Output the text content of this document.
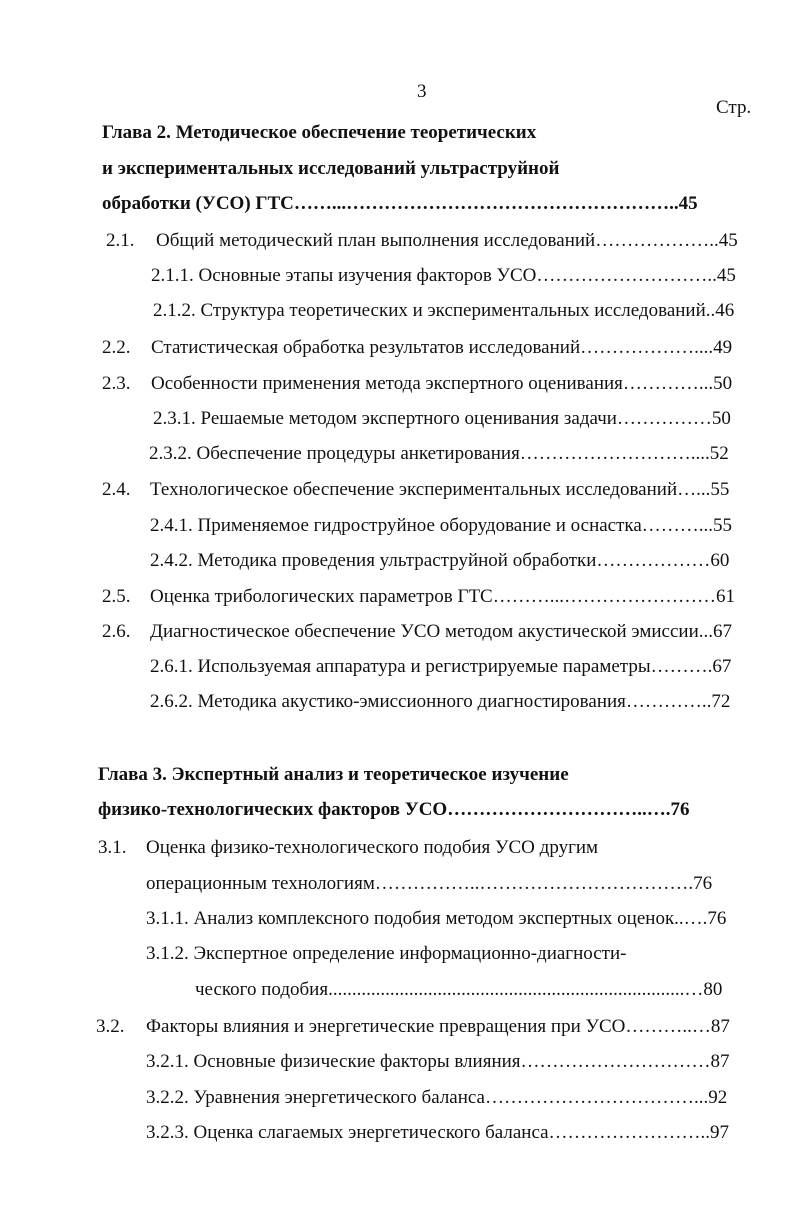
3
Стр.
Глава 2. Методическое обеспечение теоретических
и экспериментальных исследований ультраструйной
обработки (УСО) ГТС……...……………………………………………..45
2.1. Общий методический план выполнения исследований………………..45
2.1.1. Основные этапы изучения факторов УСО………………………..45
2.1.2. Структура теоретических и экспериментальных исследований..46
2.2. Статистическая обработка результатов исследований………………....49
2.3. Особенности применения метода экспертного оценивания…………...50
2.3.1. Решаемые методом экспертного оценивания задачи……………50
2.3.2. Обеспечение процедуры анкетирования………………………....52
2.4. Технологическое обеспечение экспериментальных исследований…...55
2.4.1. Применяемое гидроструйное оборудование и оснастка………...55
2.4.2. Методика проведения ультраструйной обработки………………60
2.5. Оценка трибологических параметров ГТС………...……………………61
2.6. Диагностическое обеспечение УСО методом акустической эмиссии...67
2.6.1. Используемая аппаратура и регистрируемые параметры……….67
2.6.2. Методика акустико-эмиссионного диагностирования…………..72
Глава 3. Экспертный анализ и теоретическое изучение
физико-технологических факторов УСО…………………………..….76
3.1. Оценка физико-технологического подобия УСО другим
операционным технологиям……………..…………………………….76
3.1.1. Анализ комплексного подобия методом экспертных оценок..….76
3.1.2. Экспертное определение информационно-диагности-
ческого подобия...........................................................................…80
3.2. Факторы влияния и энергетические превращения при УСО………..…87
3.2.1. Основные физические факторы влияния…………………………87
3.2.2. Уравнения энергетического баланса……………………………...92
3.2.3. Оценка слагаемых энергетического баланса……………………..97
